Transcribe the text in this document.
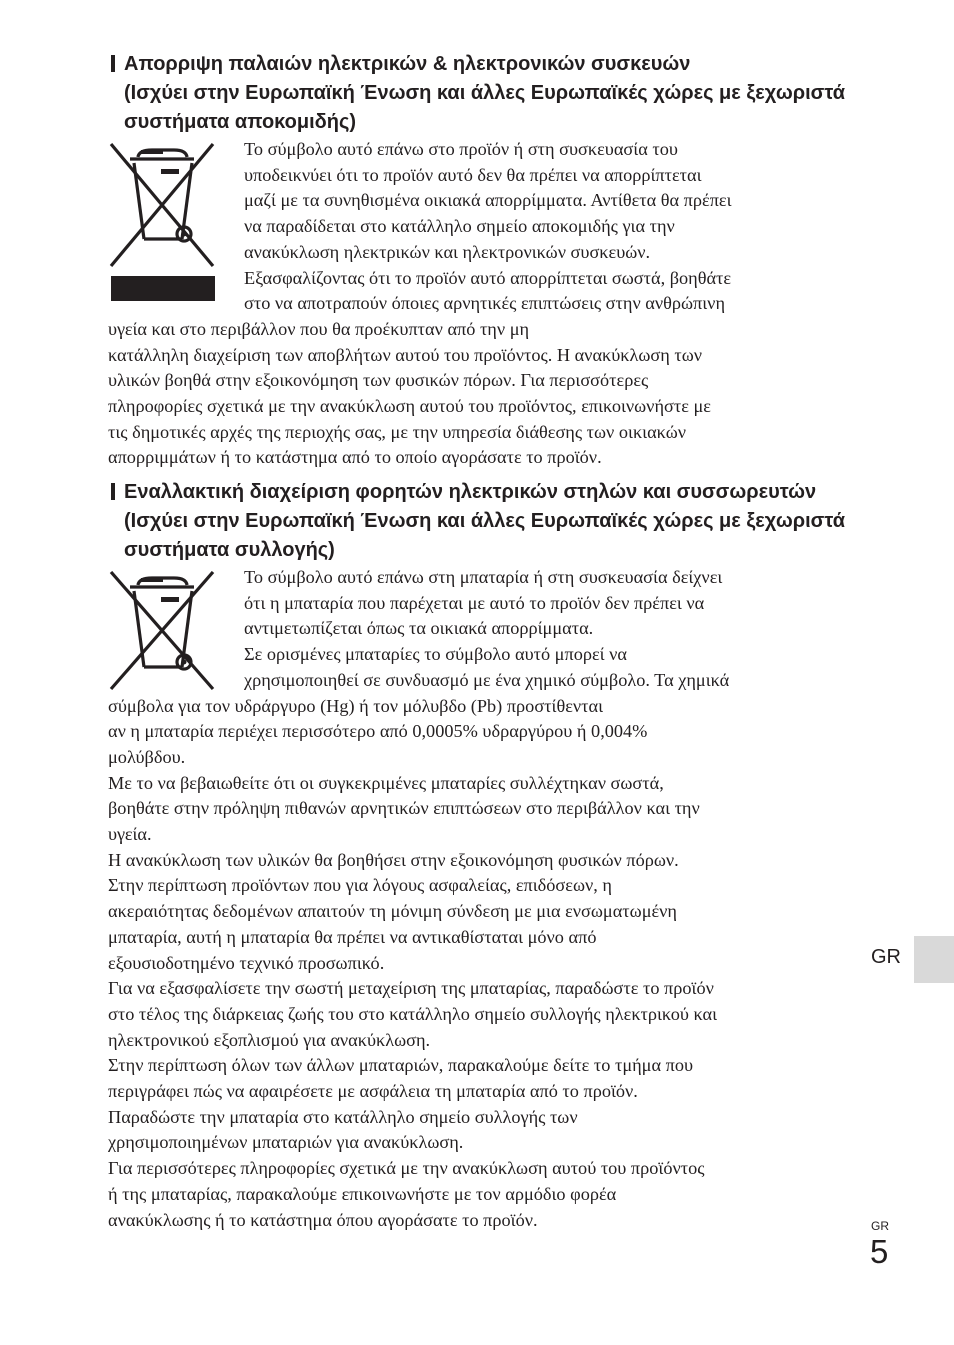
Απορριψη παλαιών ηλεκτρικών & ηλεκτρονικών συσκευών
(Ισχύει στην Ευρωπαϊκή Ένωση και άλλες Ευρωπαϊκές χώρες με ξεχωριστά συστήματα αποκομιδής)

Το σύμβολο αυτό επάνω στο προϊόν ή στη συσκευασία του
υποδεικνύει ότι το προϊόν αυτό δεν θα πρέπει να απορρίπτεται
μαζί με τα συνηθισμένα οικιακά απορρίμματα. Αντίθετα θα πρέπει
να παραδίδεται στο κατάλληλο σημείο αποκομιδής για την
ανακύκλωση ηλεκτρικών και ηλεκτρονικών συσκευών.
Εξασφαλίζοντας ότι το προϊόν αυτό απορρίπτεται σωστά, βοηθάτε
στο να αποτραπούν όποιες αρνητικές επιπτώσεις στην ανθρώπινη
υγεία και στο περιβάλλον που θα προέκυπταν από την μη
κατάλληλη διαχείριση των αποβλήτων αυτού του προϊόντος. Η ανακύκλωση των
υλικών βοηθά στην εξοικονόμηση των φυσικών πόρων. Για περισσότερες
πληροφορίες σχετικά με την ανακύκλωση αυτού του προϊόντος, επικοινωνήστε με
τις δημοτικές αρχές της περιοχής σας, με την υπηρεσία διάθεσης των οικιακών
απορριμμάτων ή το κατάστημα από το οποίο αγοράσατε το προϊόν.

Εναλλακτική διαχείριση φορητών ηλεκτρικών στηλών και συσσωρευτών (Ισχύει στην Ευρωπαϊκή Ένωση και άλλες Ευρωπαϊκές χώρες με ξεχωριστά συστήματα συλλογής)

Το σύμβολο αυτό επάνω στη μπαταρία ή στη συσκευασία δείχνει
ότι η μπαταρία που παρέχεται με αυτό το προϊόν δεν πρέπει να
αντιμετωπίζεται όπως τα οικιακά απορρίμματα.
Σε ορισμένες μπαταρίες το σύμβολο αυτό μπορεί να
χρησιμοποιηθεί σε συνδυασμό με ένα χημικό σύμβολο. Τα χημικά
σύμβολα για τον υδράργυρο (Hg) ή τον μόλυβδο (Pb) προστίθενται
αν η μπαταρία περιέχει περισσότερο από 0,0005% υδραργύρου ή 0,004%
μολύβδου.
Με το να βεβαιωθείτε ότι οι συγκεκριμένες μπαταρίες συλλέχτηκαν σωστά,
βοηθάτε στην πρόληψη πιθανών αρνητικών επιπτώσεων στο περιβάλλον και την
υγεία.
Η ανακύκλωση των υλικών θα βοηθήσει στην εξοικονόμηση φυσικών πόρων.
Στην περίπτωση προϊόντων που για λόγους ασφαλείας, επιδόσεων, η
ακεραιότητας δεδομένων απαιτούν τη μόνιμη σύνδεση με μια ενσωματωμένη
μπαταρία, αυτή η μπαταρία θα πρέπει να αντικαθίσταται μόνο από
εξουσιοδοτημένο τεχνικό προσωπικό.
Για να εξασφαλίσετε την σωστή μεταχείριση της μπαταρίας, παραδώστε το προϊόν
στο τέλος της διάρκειας ζωής του στο κατάλληλο σημείο συλλογής ηλεκτρικού και
ηλεκτρονικού εξοπλισμού για ανακύκλωση.
Στην περίπτωση όλων των άλλων μπαταριών, παρακαλούμε δείτε το τμήμα που
περιγράφει πώς να αφαιρέσετε με ασφάλεια τη μπαταρία από το προϊόν.
Παραδώστε την μπαταρία στο κατάλληλο σημείο συλλογής των
χρησιμοποιημένων μπαταριών για ανακύκλωση.
Για περισσότερες πληροφορίες σχετικά με την ανακύκλωση αυτού του προϊόντος
ή της μπαταρίας, παρακαλούμε επικοινωνήστε με τον αρμόδιο φορέα
ανακύκλωσης ή το κατάστημα όπου αγοράσατε το προϊόν.

GR
GR
5
